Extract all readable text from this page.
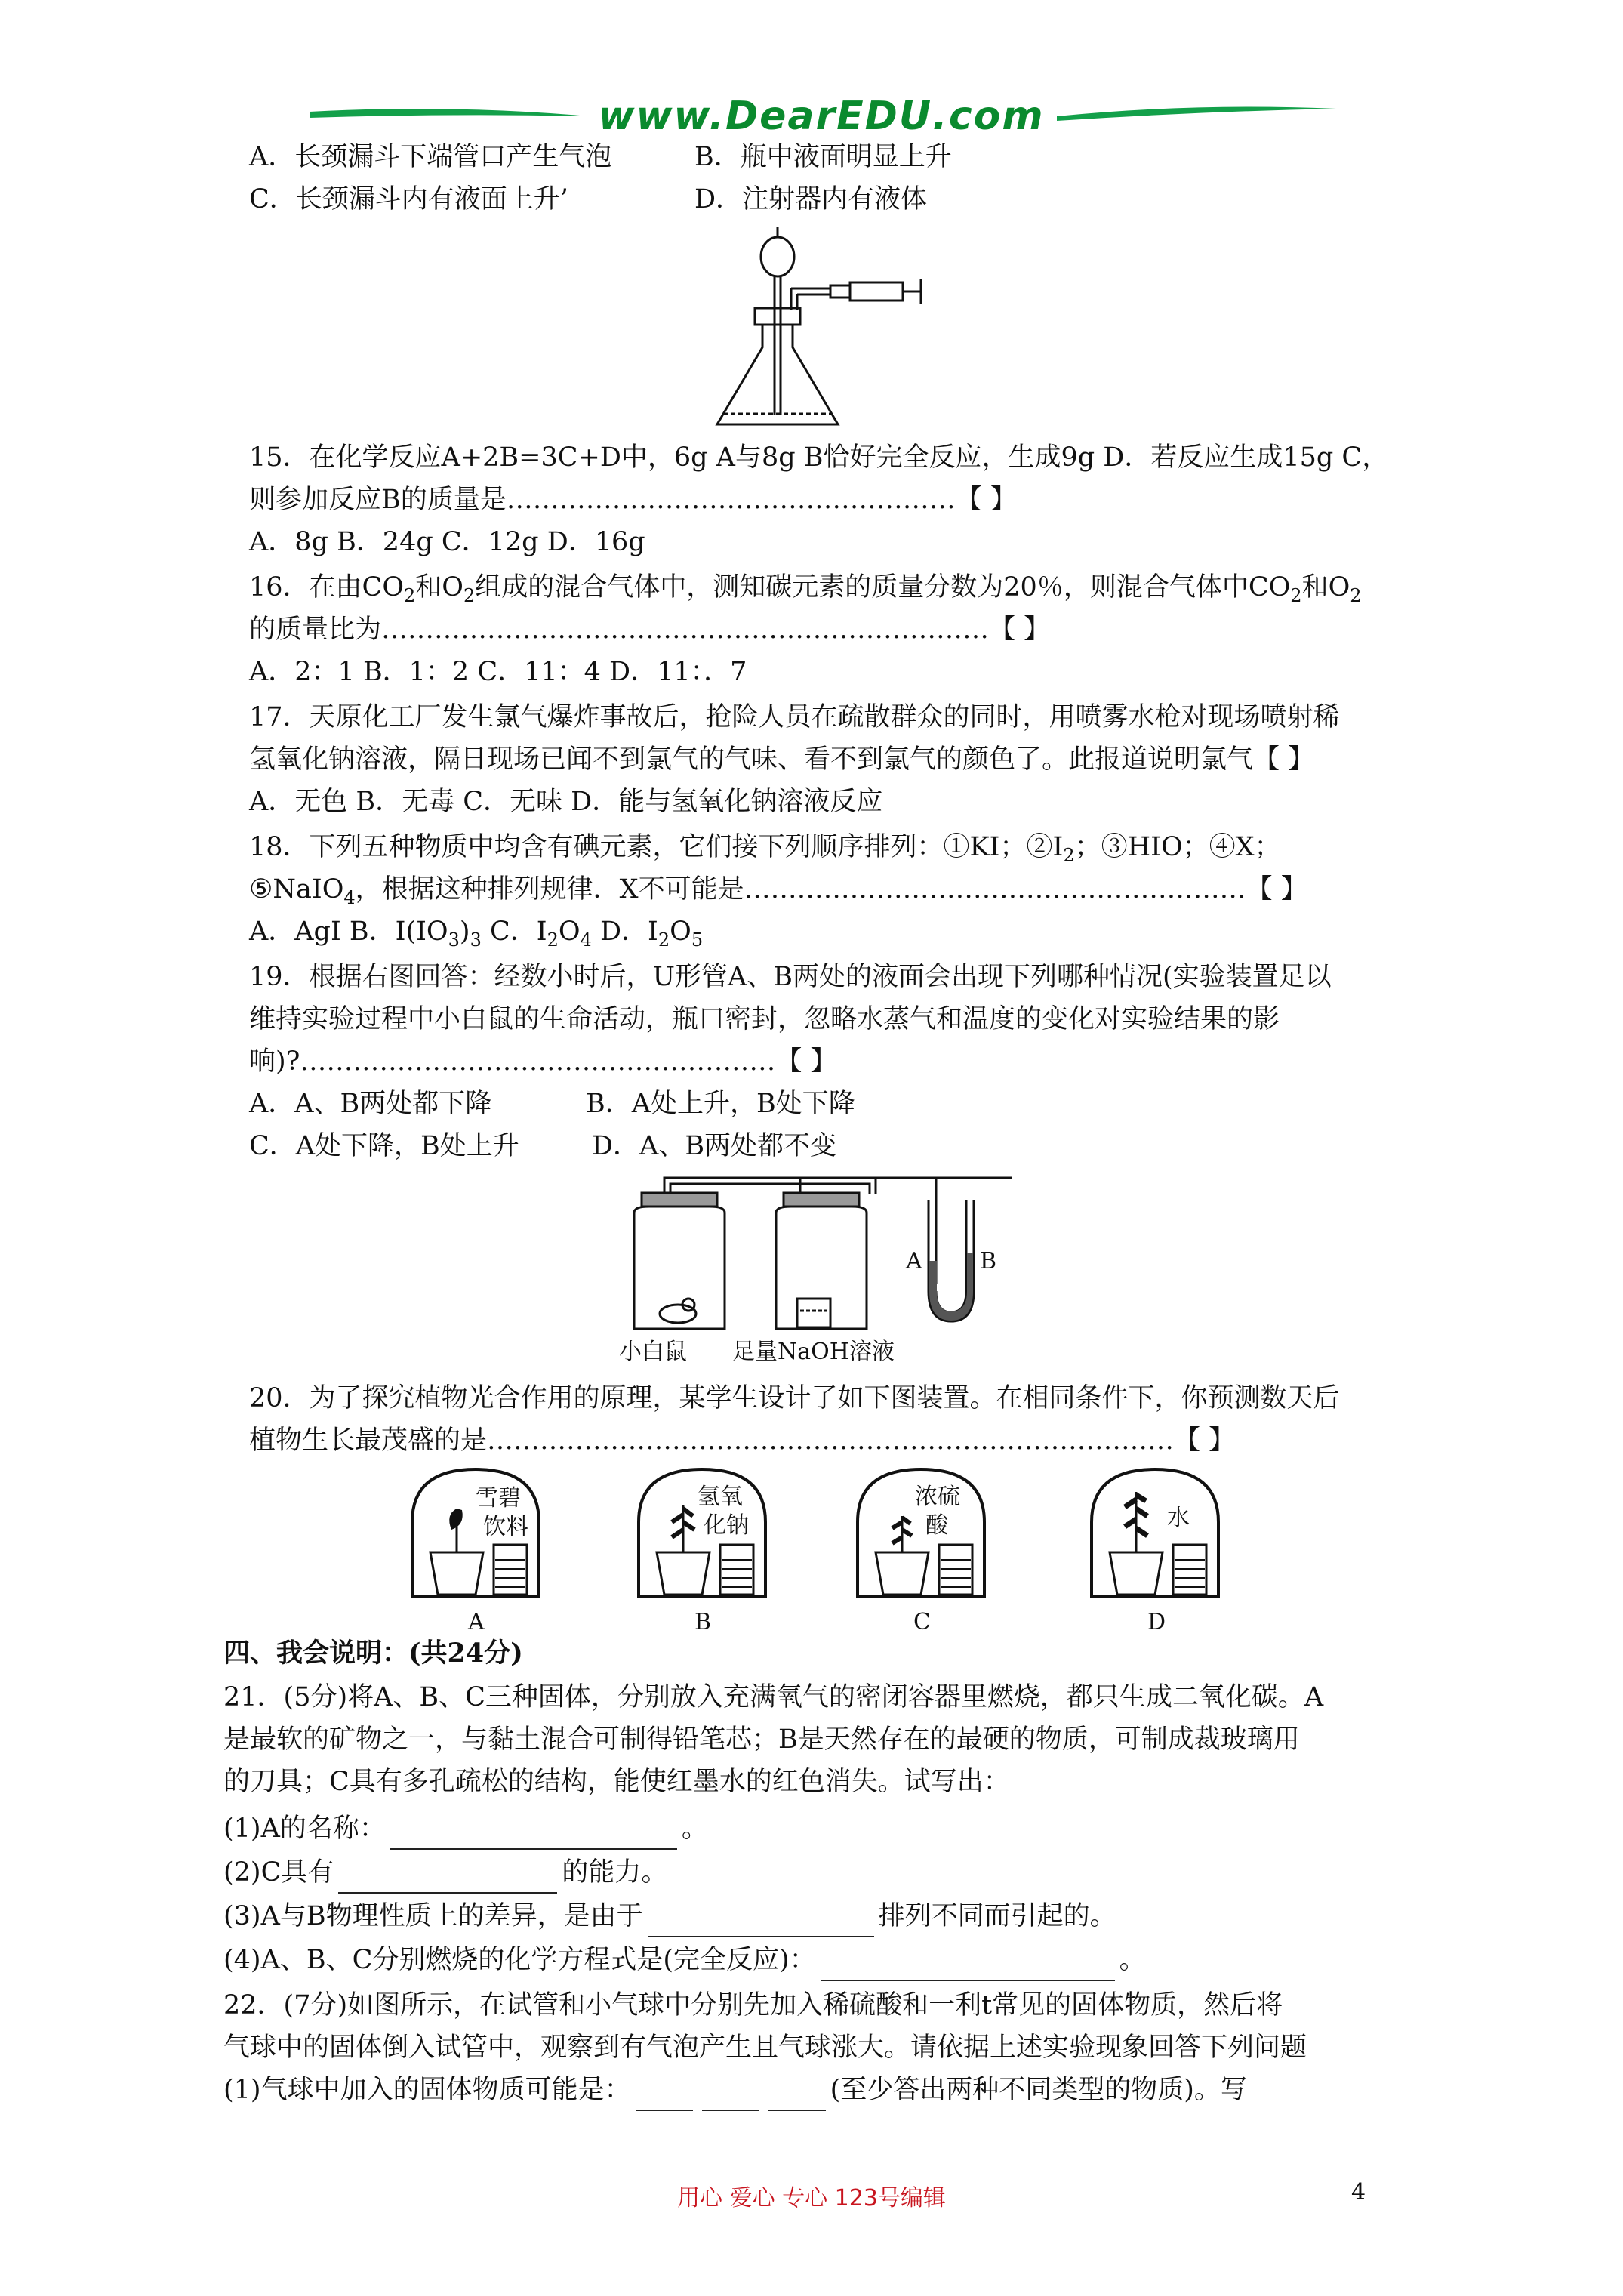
www.DearEDU.com
A．长颈漏斗下端管口产生气泡	B．瓶中液面明显上升
C．长颈漏斗内有液面上升’	D．注射器内有液体
15．在化学反应A+2B=3C+D中，6g A与8g B恰好完全反应，生成9g D．若反应生成15g C，
则参加反应B的质量是……………………………………………【 】
A．8g B．24g C．12g D．16g
16．在由$CO_2$和$O_2$组成的混合气体中，测知碳元素的质量分数为20％，则混合气体中$CO_2$和$O_2$
的质量比为……………………………………………………………【 】
A．2：1 B．1：2 C．11：4 D．11：．7
17．天原化工厂发生氯气爆炸事故后，抢险人员在疏散群众的同时，用喷雾水枪对现场喷射稀
氢氧化钠溶液，隔日现场已闻不到氯气的气味、看不到氯气的颜色了。此报道说明氯气【 】
A．无色 B．无毒 C．无味 D．能与氢氧化钠溶液反应
18．下列五种物质中均含有碘元素，它们接下列顺序排列：①KI；$②I_2$；③HIO；④X；
⑤NaIO$_4$，根据这种排列规律．X不可能是…………………………………………………【 】
A．AgI B．$I(IO_3)_3$ C．$I_2O_4$ D．$I_2O_5$
19．根据右图回答：经数小时后，U形管A、B两处的液面会出现下列哪种情况(实验装置足以
维持实验过程中小白鼠的生命活动，瓶口密封，忽略水蒸气和温度的变化对实验结果的影
响)?………………………………………………【 】
A．A、B两处都下降	B．A处上升，B处下降
C．A处下降，B处上升	D．A、B两处都不变
A	B
小白鼠 足量NaOH溶液
20．为了探究植物光合作用的原理，某学生设计了如下图装置。在相同条件下，你预测数天后
植物生长最茂盛的是……………………………………………………………………【 】
雪碧
饮料
A
氢氧
化钠
B
浓硫
酸
C
水
D
四、我会说明：(共24分)
21．(5分)将A、B、C三种固体，分别放入充满氧气的密闭容器里燃烧，都只生成二氧化碳。A
是最软的矿物之一，与黏土混合可制得铅笔芯；B是天然存在的最硬的物质，可制成裁玻璃用
的刀具；C具有多孔疏松的结构，能使红墨水的红色消失。试写出：
(1)A的名称：	。
(2)C具有	的能力。
(3)A与B物理性质上的差异，是由于	排列不同而引起的。
(4)A、B、C分别燃烧的化学方程式是(完全反应)：	。
22．(7分)如图所示，在试管和小气球中分别先加入稀硫酸和一利t常见的固体物质，然后将
气球中的固体倒入试管中，观察到有气泡产生且气球涨大。请依据上述实验现象回答下列问题
(1)气球中加入的固体物质可能是：	(至少答出两种不同类型的物质)。写
用心 爱心 专心 123号编辑	4
